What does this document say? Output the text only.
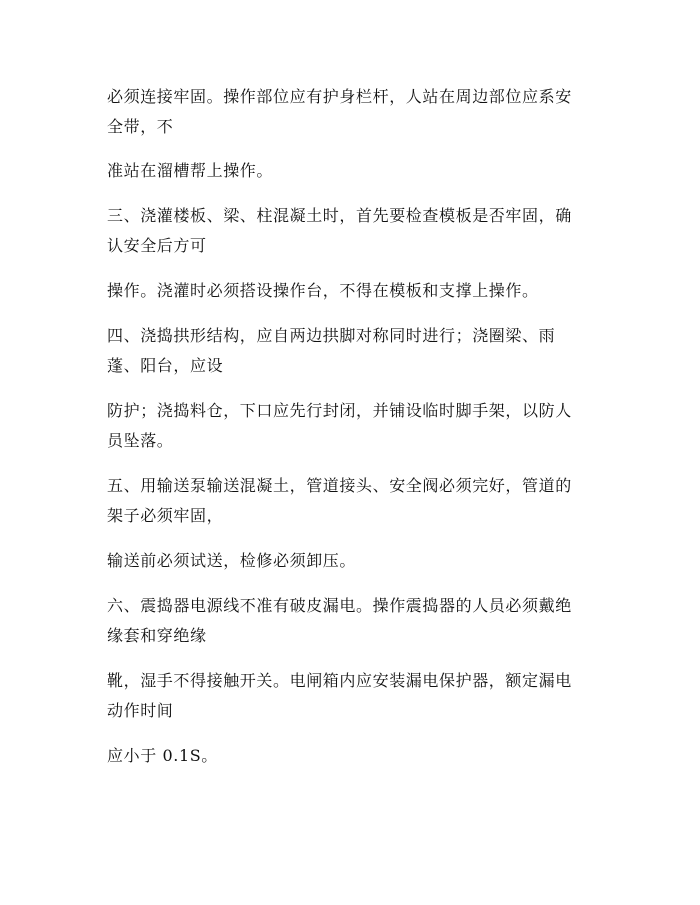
必须连接牢固。操作部位应有护身栏杆，人站在周边部位应系安
全带，不

准站在溜槽帮上操作。

三、浇灌楼板、梁、柱混凝土时，首先要检查模板是否牢固，确
认安全后方可

操作。浇灌时必须搭设操作台，不得在模板和支撑上操作。

四、浇捣拱形结构，应自两边拱脚对称同时进行；浇圈梁、雨
蓬、阳台，应设

防护；浇捣料仓，下口应先行封闭，并铺设临时脚手架，以防人
员坠落。

五、用输送泵输送混凝土，管道接头、安全阀必须完好，管道的
架子必须牢固，

输送前必须试送，检修必须卸压。

六、震捣器电源线不准有破皮漏电。操作震捣器的人员必须戴绝
缘套和穿绝缘

靴，湿手不得接触开关。电闸箱内应安装漏电保护器，额定漏电
动作时间

应小于 0.1S。
